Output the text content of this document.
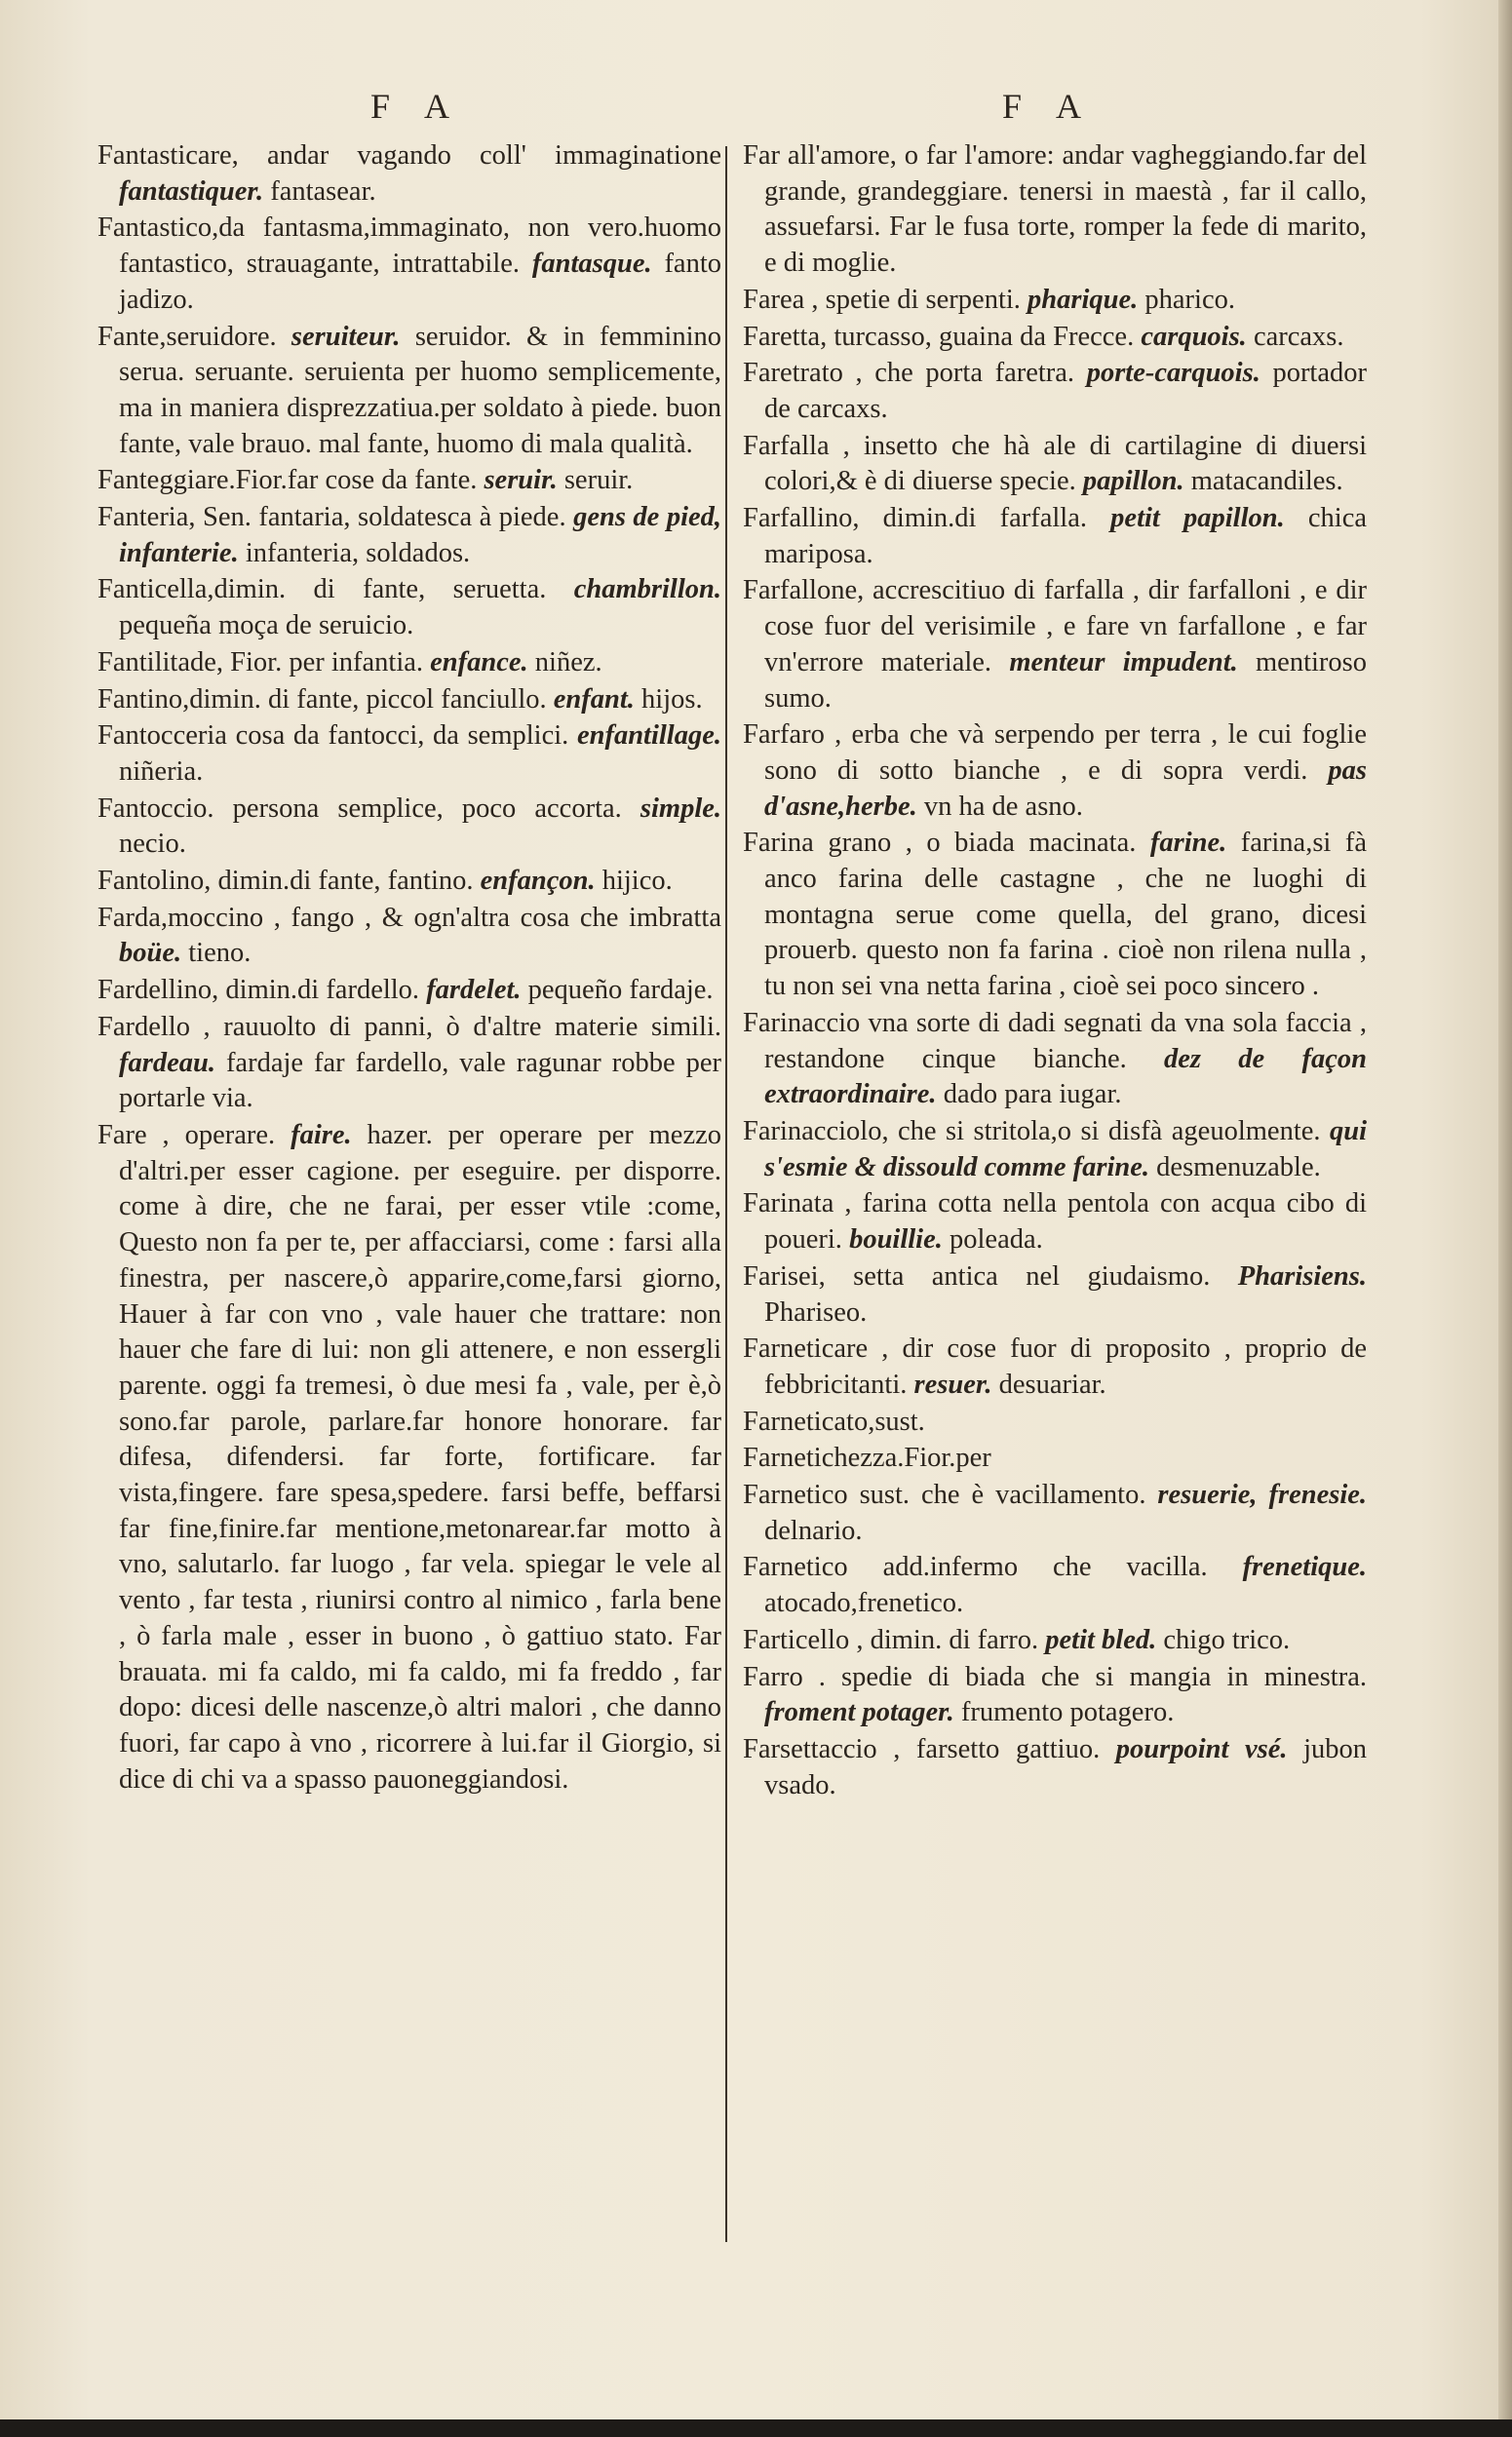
F A	F A

Fantasticare, andar vagando coll' immaginatione fantastiquer. fantasear.

Fantastico,da fantasma,immaginato, non vero.huomo fantastico, strauagante, intrattabile. fantasque. fanto jadizo.

Fante,seruidore. seruiteur. seruidor. & in femminino serua. seruante. seruienta per huomo semplicemente, ma in maniera disprezzatiua.per soldato à piede. buon fante, vale brauo. mal fante, huomo di mala qualità.

Fanteggiare.Fior.far cose da fante. seruir. seruir.

Fanteria, Sen. fantaria, soldatesca à piede. gens de pied, infanterie. infanteria, soldados.

Fanticella,dimin. di fante, seruetta. chambrillon. pequeña moça de seruicio.

Fantilitade, Fior. per infantia. enfance. niñez.

Fantino,dimin. di fante, piccol fanciullo. enfant. hijos.

Fantocceria cosa da fantocci, da semplici. enfantillage. niñeria.

Fantoccio. persona semplice, poco accorta. simple. necio.

Fantolino, dimin.di fante, fantino. enfançon. hijico.

Farda,moccino , fango , & ogn'altra cosa che imbratta boüe. tieno.

Fardellino, dimin.di fardello. fardelet. pequeño fardaje.

Fardello , rauuolto di panni, ò d'altre materie simili. fardeau. fardaje far fardello, vale ragunar robbe per portarle via.

Fare , operare. faire. hazer. per operare per mezzo d'altri.per esser cagione. per eseguire. per disporre. come à dire, che ne farai, per esser vtile :come, Questo non fa per te, per affacciarsi, come : farsi alla finestra, per nascere,ò apparire,come,farsi giorno, Hauer à far con vno , vale hauer che trattare: non hauer che fare di lui: non gli attenere, e non essergli parente. oggi fa tremesi, ò due mesi fa , vale, per è,ò sono.far parole, parlare.far honore honorare. far difesa, difendersi. far forte, fortificare. far vista,fingere. fare spesa,spedere. farsi beffe, beffarsi far fine,finire.far mentione,metonarear.far motto à vno, salutarlo. far luogo , far vela. spiegar le vele al vento , far testa , riunirsi contro al nimico , farla bene , ò farla male , esser in buono , ò gattiuo stato. Far brauata. mi fa caldo, mi fa caldo, mi fa freddo , far dopo: dicesi delle nascenze,ò altri malori , che danno fuori, far capo à vno , ricorrere à lui.far il Giorgio, si dice di chi va a spasso pauoneggiandosi.

Far all'amore, o far l'amore: andar vagheggiando.far del grande, grandeggiare. tenersi in maestà , far il callo, assuefarsi. Far le fusa torte, romper la fede di marito, e di moglie.

Farea , spetie di serpenti. pharique. pharico.

Faretta, turcasso, guaina da Frecce. carquois. carcaxs.

Faretrato , che porta faretra. porte-carquois. portador de carcaxs.

Farfalla , insetto che hà ale di cartilagine di diuersi colori,& è di diuerse specie. papillon. matacandiles.

Farfallino, dimin.di farfalla. petit papillon. chica mariposa.

Farfallone, accrescitiuo di farfalla , dir farfalloni , e dir cose fuor del verisimile , e fare vn farfallone , e far vn'errore materiale. menteur impudent. mentiroso sumo.

Farfaro , erba che và serpendo per terra , le cui foglie sono di sotto bianche , e di sopra verdi. pas d'asne,herbe. vn ha de asno.

Farina grano , o biada macinata. farine. farina,si fà anco farina delle castagne , che ne luoghi di montagna serue come quella, del grano, dicesi prouerb. questo non fa farina . cioè non rilena nulla , tu non sei vna netta farina , cioè sei poco sincero .

Farinaccio vna sorte di dadi segnati da vna sola faccia , restandone cinque bianche. dez de façon extraordinaire. dado para iugar.

Farinacciolo, che si stritola,o si disfà ageuolmente. qui s'esmie & dissould comme farine. desmenuzable.

Farinata , farina cotta nella pentola con acqua cibo di poueri. bouillie. poleada.

Farisei, setta antica nel giudaismo. Pharisiens. Phariseo.

Farneticare , dir cose fuor di proposito , proprio de febbricitanti. resuer. desuariar.

Farneticato,sust.

Farnetichezza.Fior.per

Farnetico sust. che è vacillamento. resuerie, frenesie. delnario.

Farnetico add.infermo che vacilla. frenetique. atocado,frenetico.

Farticello , dimin. di farro. petit bled. chigo trico.

Farro . spedie di biada che si mangia in minestra. froment potager. frumento potagero.

Farsettaccio , farsetto gattiuo. pourpoint vsé. jubon vsado.
